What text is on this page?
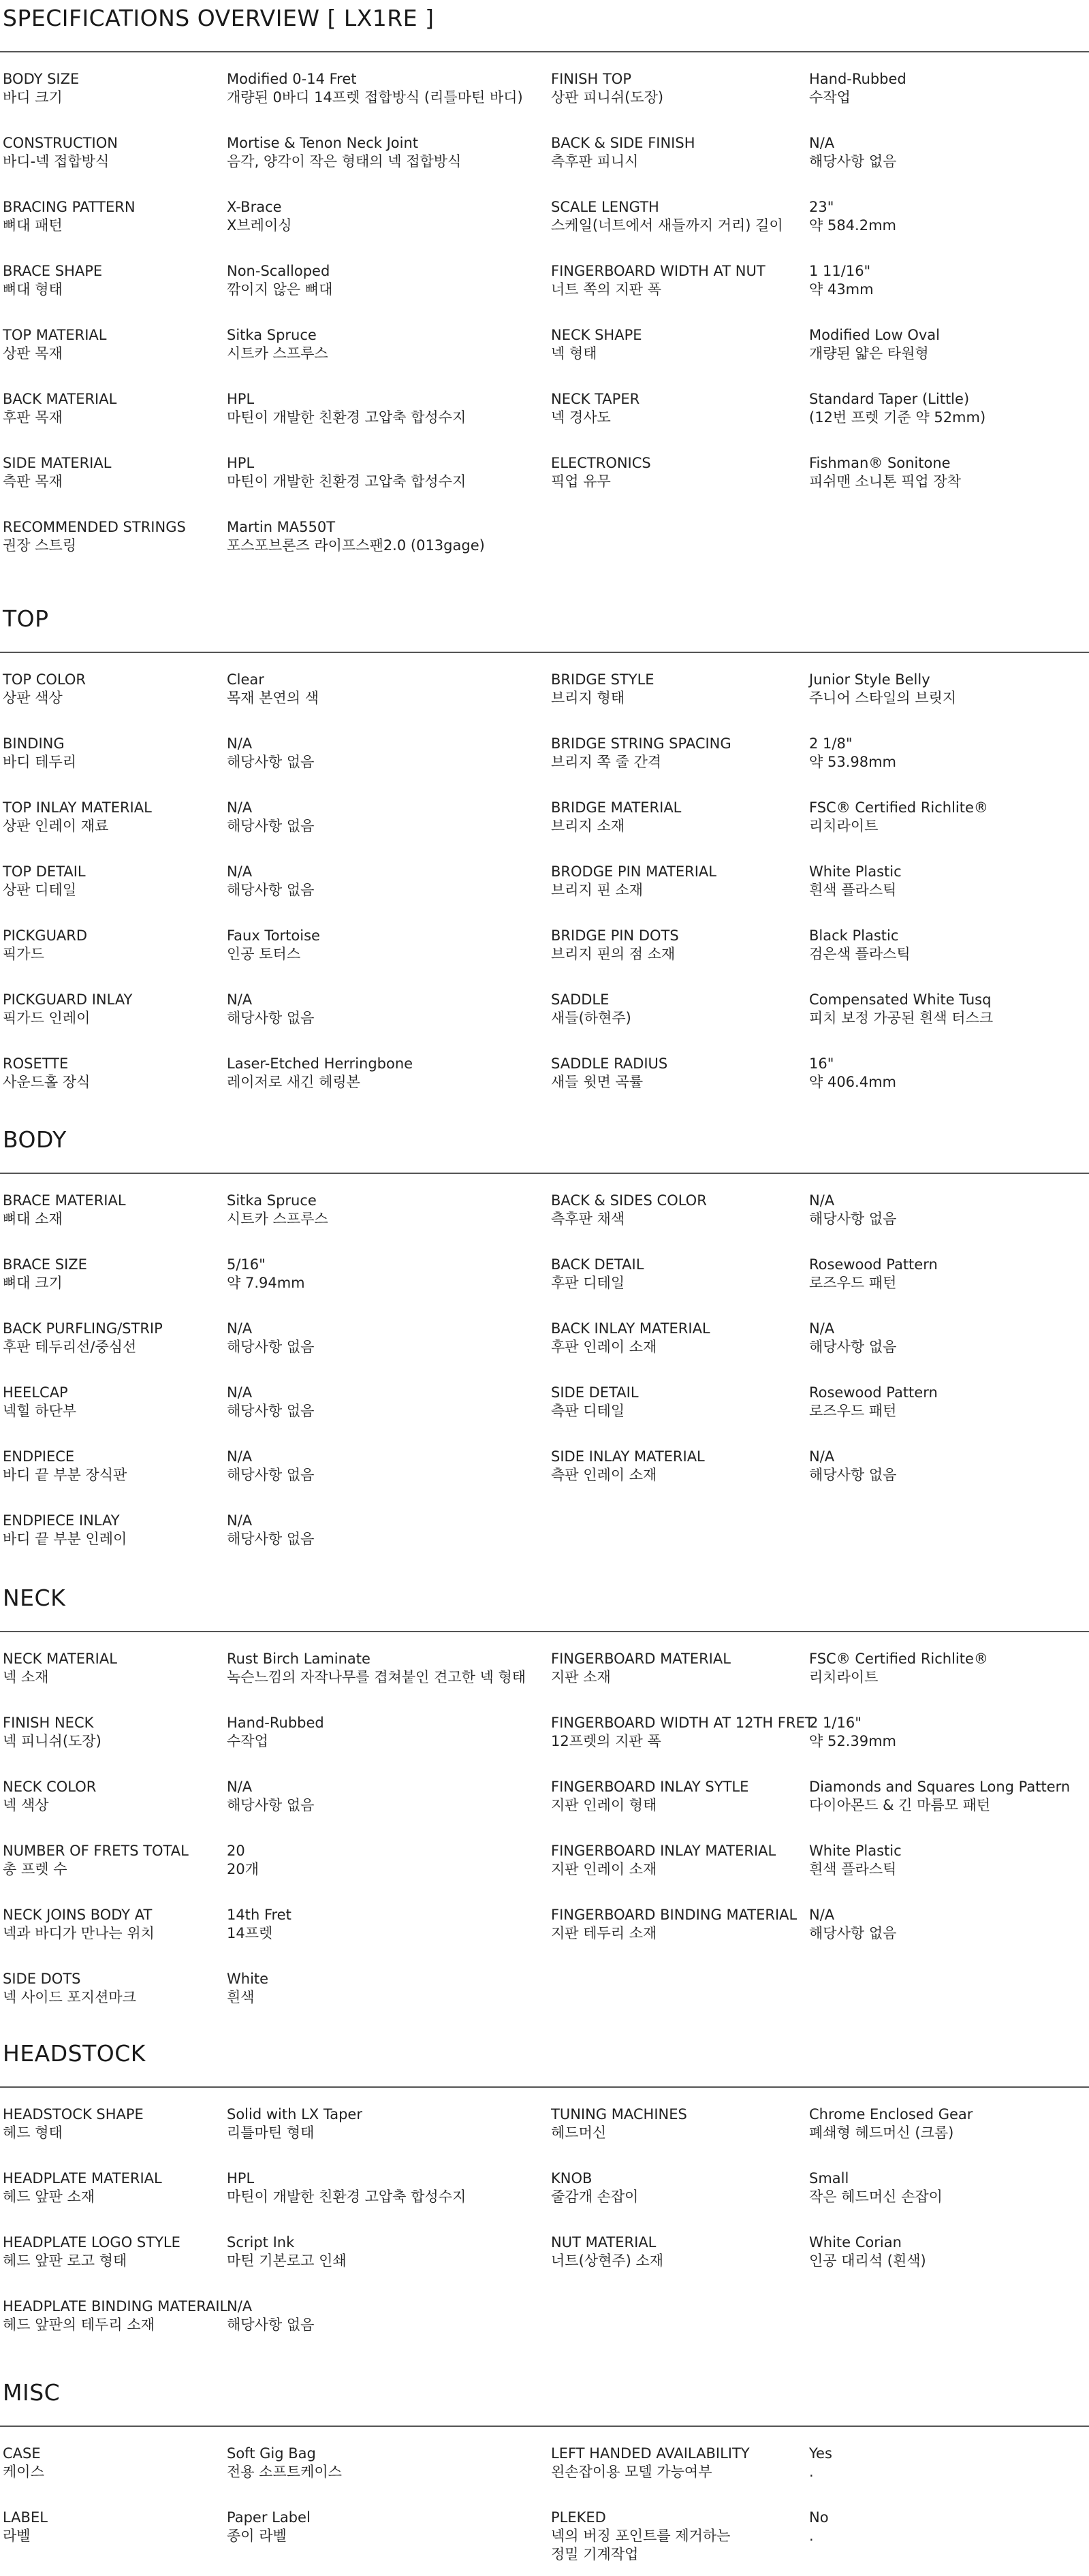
SPECIFICATIONS OVERVIEW [ LX1RE ]
BODY SIZE
바디 크기
Modified 0-14 Fret
개량된 0바디 14프렛 접합방식 (리틀마틴 바디)
FINISH TOP
상판 피니쉬(도장)
Hand-Rubbed
수작업
CONSTRUCTION
바디-넥 접합방식
Mortise & Tenon Neck Joint
음각, 양각이 작은 형태의 넥 접합방식
BACK & SIDE FINISH
측후판 피니시
N/A
해당사항 없음
BRACING PATTERN
뼈대 패턴
X-Brace
X브레이싱
SCALE LENGTH
스케일(너트에서 새들까지 거리) 길이
23"
약 584.2mm
BRACE SHAPE
뼈대 형태
Non-Scalloped
깎이지 않은 뼈대
FINGERBOARD WIDTH AT NUT
너트 쪽의 지판 폭
1 11/16"
약 43mm
TOP MATERIAL
상판 목재
Sitka Spruce
시트카 스프루스
NECK SHAPE
넥 형태
Modified Low Oval
개량된 얇은 타원형
BACK MATERIAL
후판 목재
HPL
마틴이 개발한 친환경 고압축 합성수지
NECK TAPER
넥 경사도
Standard Taper (Little)
(12번 프렛 기준 약 52mm)
SIDE MATERIAL
측판 목재
HPL
마틴이 개발한 친환경 고압축 합성수지
ELECTRONICS
픽업 유무
Fishman® Sonitone
피쉬맨 소니톤 픽업 장착
RECOMMENDED STRINGS
권장 스트링
Martin MA550T
포스포브론즈 라이프스팬2.0 (013gage)
TOP
TOP COLOR
상판 색상
Clear
목재 본연의 색
BRIDGE STYLE
브리지 형태
Junior Style Belly
주니어 스타일의 브릿지
BINDING
바디 테두리
N/A
해당사항 없음
BRIDGE STRING SPACING
브리지 쪽 줄 간격
2 1/8"
약 53.98mm
TOP INLAY MATERIAL
상판 인레이 재료
N/A
해당사항 없음
BRIDGE MATERIAL
브리지 소재
FSC® Certified Richlite®
리치라이트
TOP DETAIL
상판 디테일
N/A
해당사항 없음
BRODGE PIN MATERIAL
브리지 핀 소재
White Plastic
흰색 플라스틱
PICKGUARD
픽가드
Faux Tortoise
인공 토터스
BRIDGE PIN DOTS
브리지 핀의 점 소재
Black Plastic
검은색 플라스틱
PICKGUARD INLAY
픽가드 인레이
N/A
해당사항 없음
SADDLE
새들(하현주)
Compensated White Tusq
피치 보정 가공된 흰색 터스크
ROSETTE
사운드홀 장식
Laser-Etched Herringbone
레이저로 새긴 헤링본
SADDLE RADIUS
새들 윗면 곡률
16"
약 406.4mm
BODY
BRACE MATERIAL
뼈대 소재
Sitka Spruce
시트카 스프루스
BACK & SIDES COLOR
측후판 채색
N/A
해당사항 없음
BRACE SIZE
뼈대 크기
5/16"
약 7.94mm
BACK DETAIL
후판 디테일
Rosewood Pattern
로즈우드 패턴
BACK PURFLING/STRIP
후판 테두리선/중심선
N/A
해당사항 없음
BACK INLAY MATERIAL
후판 인레이 소재
N/A
해당사항 없음
HEELCAP
넥힐 하단부
N/A
해당사항 없음
SIDE DETAIL
측판 디테일
Rosewood Pattern
로즈우드 패턴
ENDPIECE
바디 끝 부분 장식판
N/A
해당사항 없음
SIDE INLAY MATERIAL
측판 인레이 소재
N/A
해당사항 없음
ENDPIECE INLAY
바디 끝 부분 인레이
N/A
해당사항 없음
NECK
NECK MATERIAL
넥 소재
Rust Birch Laminate
녹슨느낌의 자작나무를 겹쳐붙인 견고한 넥 형태
FINGERBOARD MATERIAL
지판 소재
FSC® Certified Richlite®
리치라이트
FINISH NECK
넥 피니쉬(도장)
Hand-Rubbed
수작업
FINGERBOARD WIDTH AT 12TH FRET
12프렛의 지판 폭
2 1/16"
약 52.39mm
NECK COLOR
넥 색상
N/A
해당사항 없음
FINGERBOARD INLAY SYTLE
지판 인레이 형태
Diamonds and Squares Long Pattern
다이아몬드 & 긴 마름모 패턴
NUMBER OF FRETS TOTAL
총 프렛 수
20
20개
FINGERBOARD INLAY MATERIAL
지판 인레이 소재
White Plastic
흰색 플라스틱
NECK JOINS BODY AT
넥과 바디가 만나는 위치
14th Fret
14프렛
FINGERBOARD BINDING MATERIAL
지판 테두리 소재
N/A
해당사항 없음
SIDE DOTS
넥 사이드 포지션마크
White
흰색
HEADSTOCK
HEADSTOCK SHAPE
헤드 형태
Solid with LX Taper
리틀마틴 형태
TUNING MACHINES
헤드머신
Chrome Enclosed Gear
폐쇄형 헤드머신 (크롬)
HEADPLATE MATERIAL
헤드 앞판 소재
HPL
마틴이 개발한 친환경 고압축 합성수지
KNOB
줄감개 손잡이
Small
작은 헤드머신 손잡이
HEADPLATE LOGO STYLE
헤드 앞판 로고 형태
Script Ink
마틴 기본로고 인쇄
NUT MATERIAL
너트(상현주) 소재
White Corian
인공 대리석 (흰색)
HEADPLATE BINDING MATERAIL
헤드 앞판의 테두리 소재
N/A
해당사항 없음
MISC
CASE
케이스
Soft Gig Bag
전용 소프트케이스
LEFT HANDED AVAILABILITY
왼손잡이용 모델 가능여부
Yes
.
LABEL
라벨
Paper Label
종이 라벨
PLEKED
넥의 버징 포인트를 제거하는
정밀 기계작업
No
.
